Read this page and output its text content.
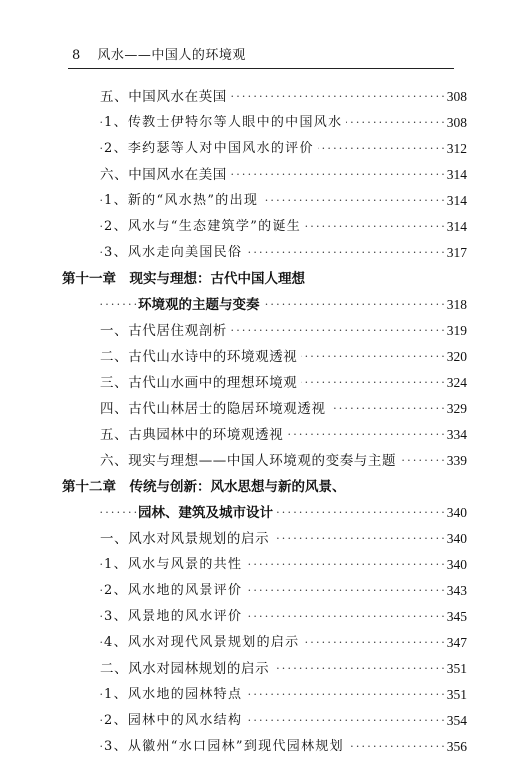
8 风水——中国人的环境观
·····
五、中国风水在英国	308
·····
1、传教士伊特尔等人眼中的中国风水	308
·····
2、李约瑟等人对中国风水的评价	312
·····
六、中国风水在美国	314
·····
1、新的“风水热”的出现	314
·····
2、风水与“生态建筑学”的诞生	314
·····
3、风水走向美国民俗	317
第十一章　现实与理想：古代中国人理想
·····
环境观的主题与变奏	318
·····
一、古代居住观剖析	319
·····
二、古代山水诗中的环境观透视	320
·····
三、古代山水画中的理想环境观	324
·····
四、古代山林居士的隐居环境观透视	329
·····
五、古典园林中的环境观透视	334
·····
六、现实与理想——中国人环境观的变奏与主题	339
第十二章　传统与创新：风水思想与新的风景、
·····
园林、建筑及城市设计	340
·····
一、风水对风景规划的启示	340
·····
1、风水与风景的共性	340
·····
2、风水地的风景评价	343
·····
3、风景地的风水评价	345
·····
4、风水对现代风景规划的启示	347
·····
二、风水对园林规划的启示	351
·····
1、风水地的园林特点	351
·····
2、园林中的风水结构	354
·····
3、从徽州“水口园林”到现代园林规划	356
